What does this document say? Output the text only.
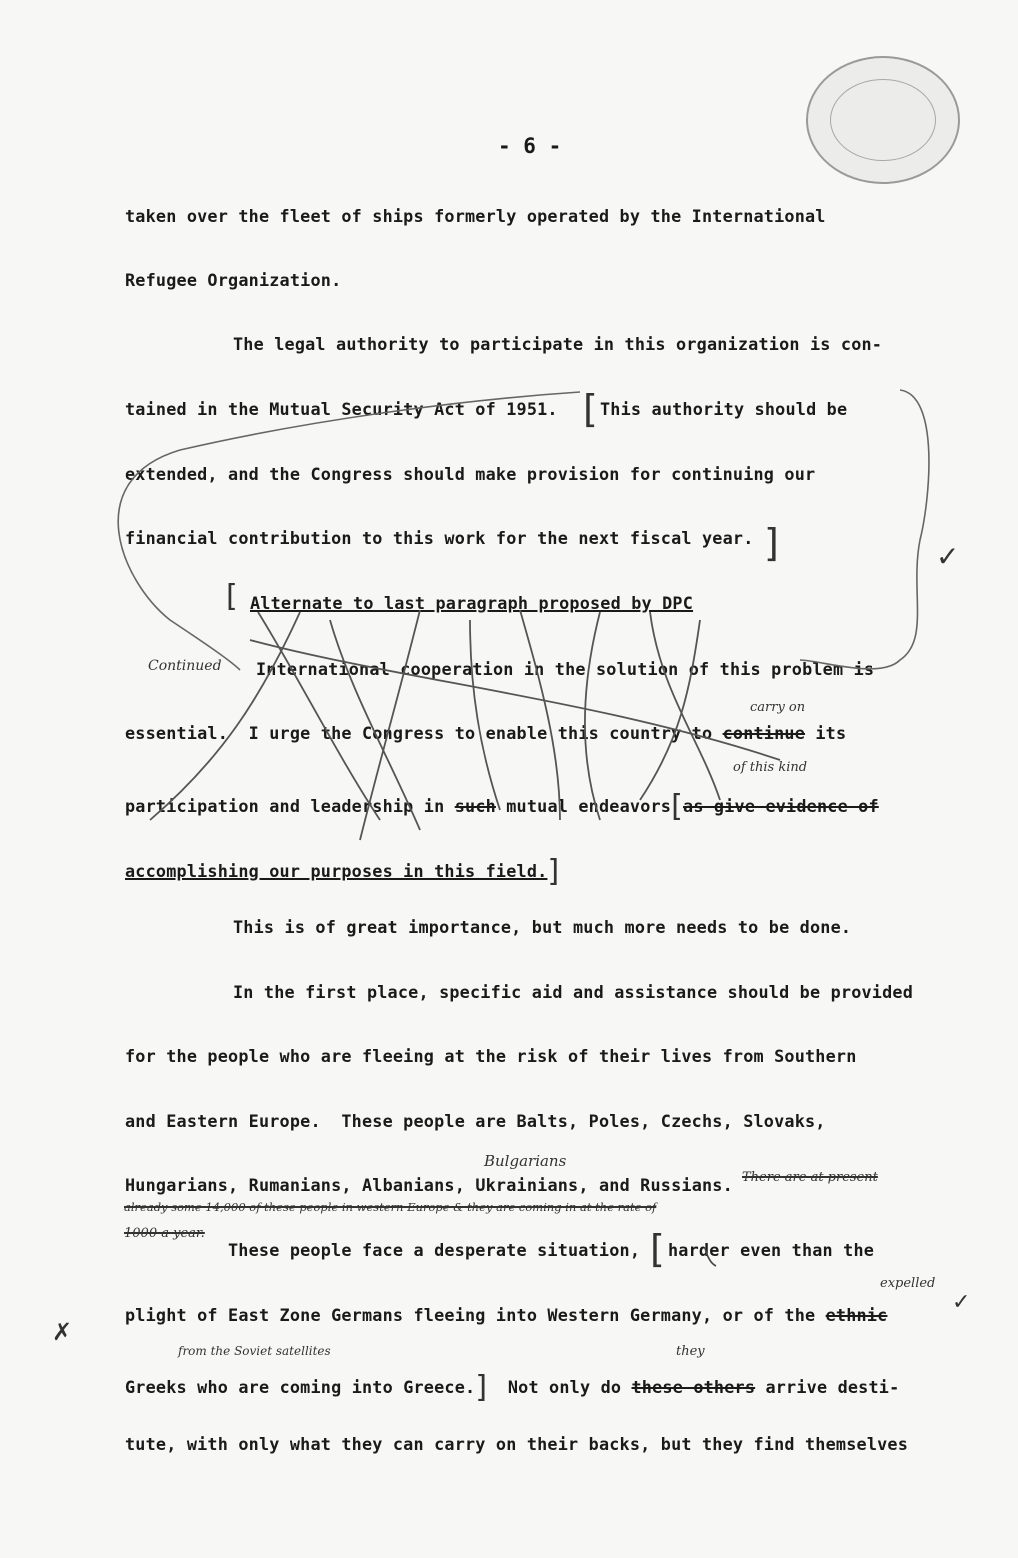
- 6 -
taken over the fleet of ships formerly operated by the International
Refugee Organization.
The legal authority to participate in this organization is con-
tained in the Mutual Security Act of 1951. [ This authority should be
extended, and the Congress should make provision for continuing our
financial contribution to this work for the next fiscal year. ]
[ Alternate to last paragraph proposed by DPC
Continued International cooperation in the solution of this problem is
essential.  I urge the Congress to enable this country to continue its
carry on
participation and leadership in such mutual endeavors[as give evidence of
of this kind
accomplishing our purposes in this field.]
This is of great importance, but much more needs to be done.
In the first place, specific aid and assistance should be provided
for the people who are fleeing at the risk of their lives from Southern
and Eastern Europe.  These people are Balts, Poles, Czechs, Slovaks,
Bulgarians
Hungarians, Rumanians, Albanians, Ukrainians, and Russians. There are at present
already some 14,000 of these people in western Europe & they are coming in at the rate of
1000 a year.
These people face a desperate situation, [ harder even than the
expelled
plight of East Zone Germans fleeing into Western Germany, or of the ethnic
✗
✓
from the Soviet satellites	they
Greeks who are coming into Greece.] Not only do these others arrive desti-
tute, with only what they can carry on their backs, but they find themselves
✓
